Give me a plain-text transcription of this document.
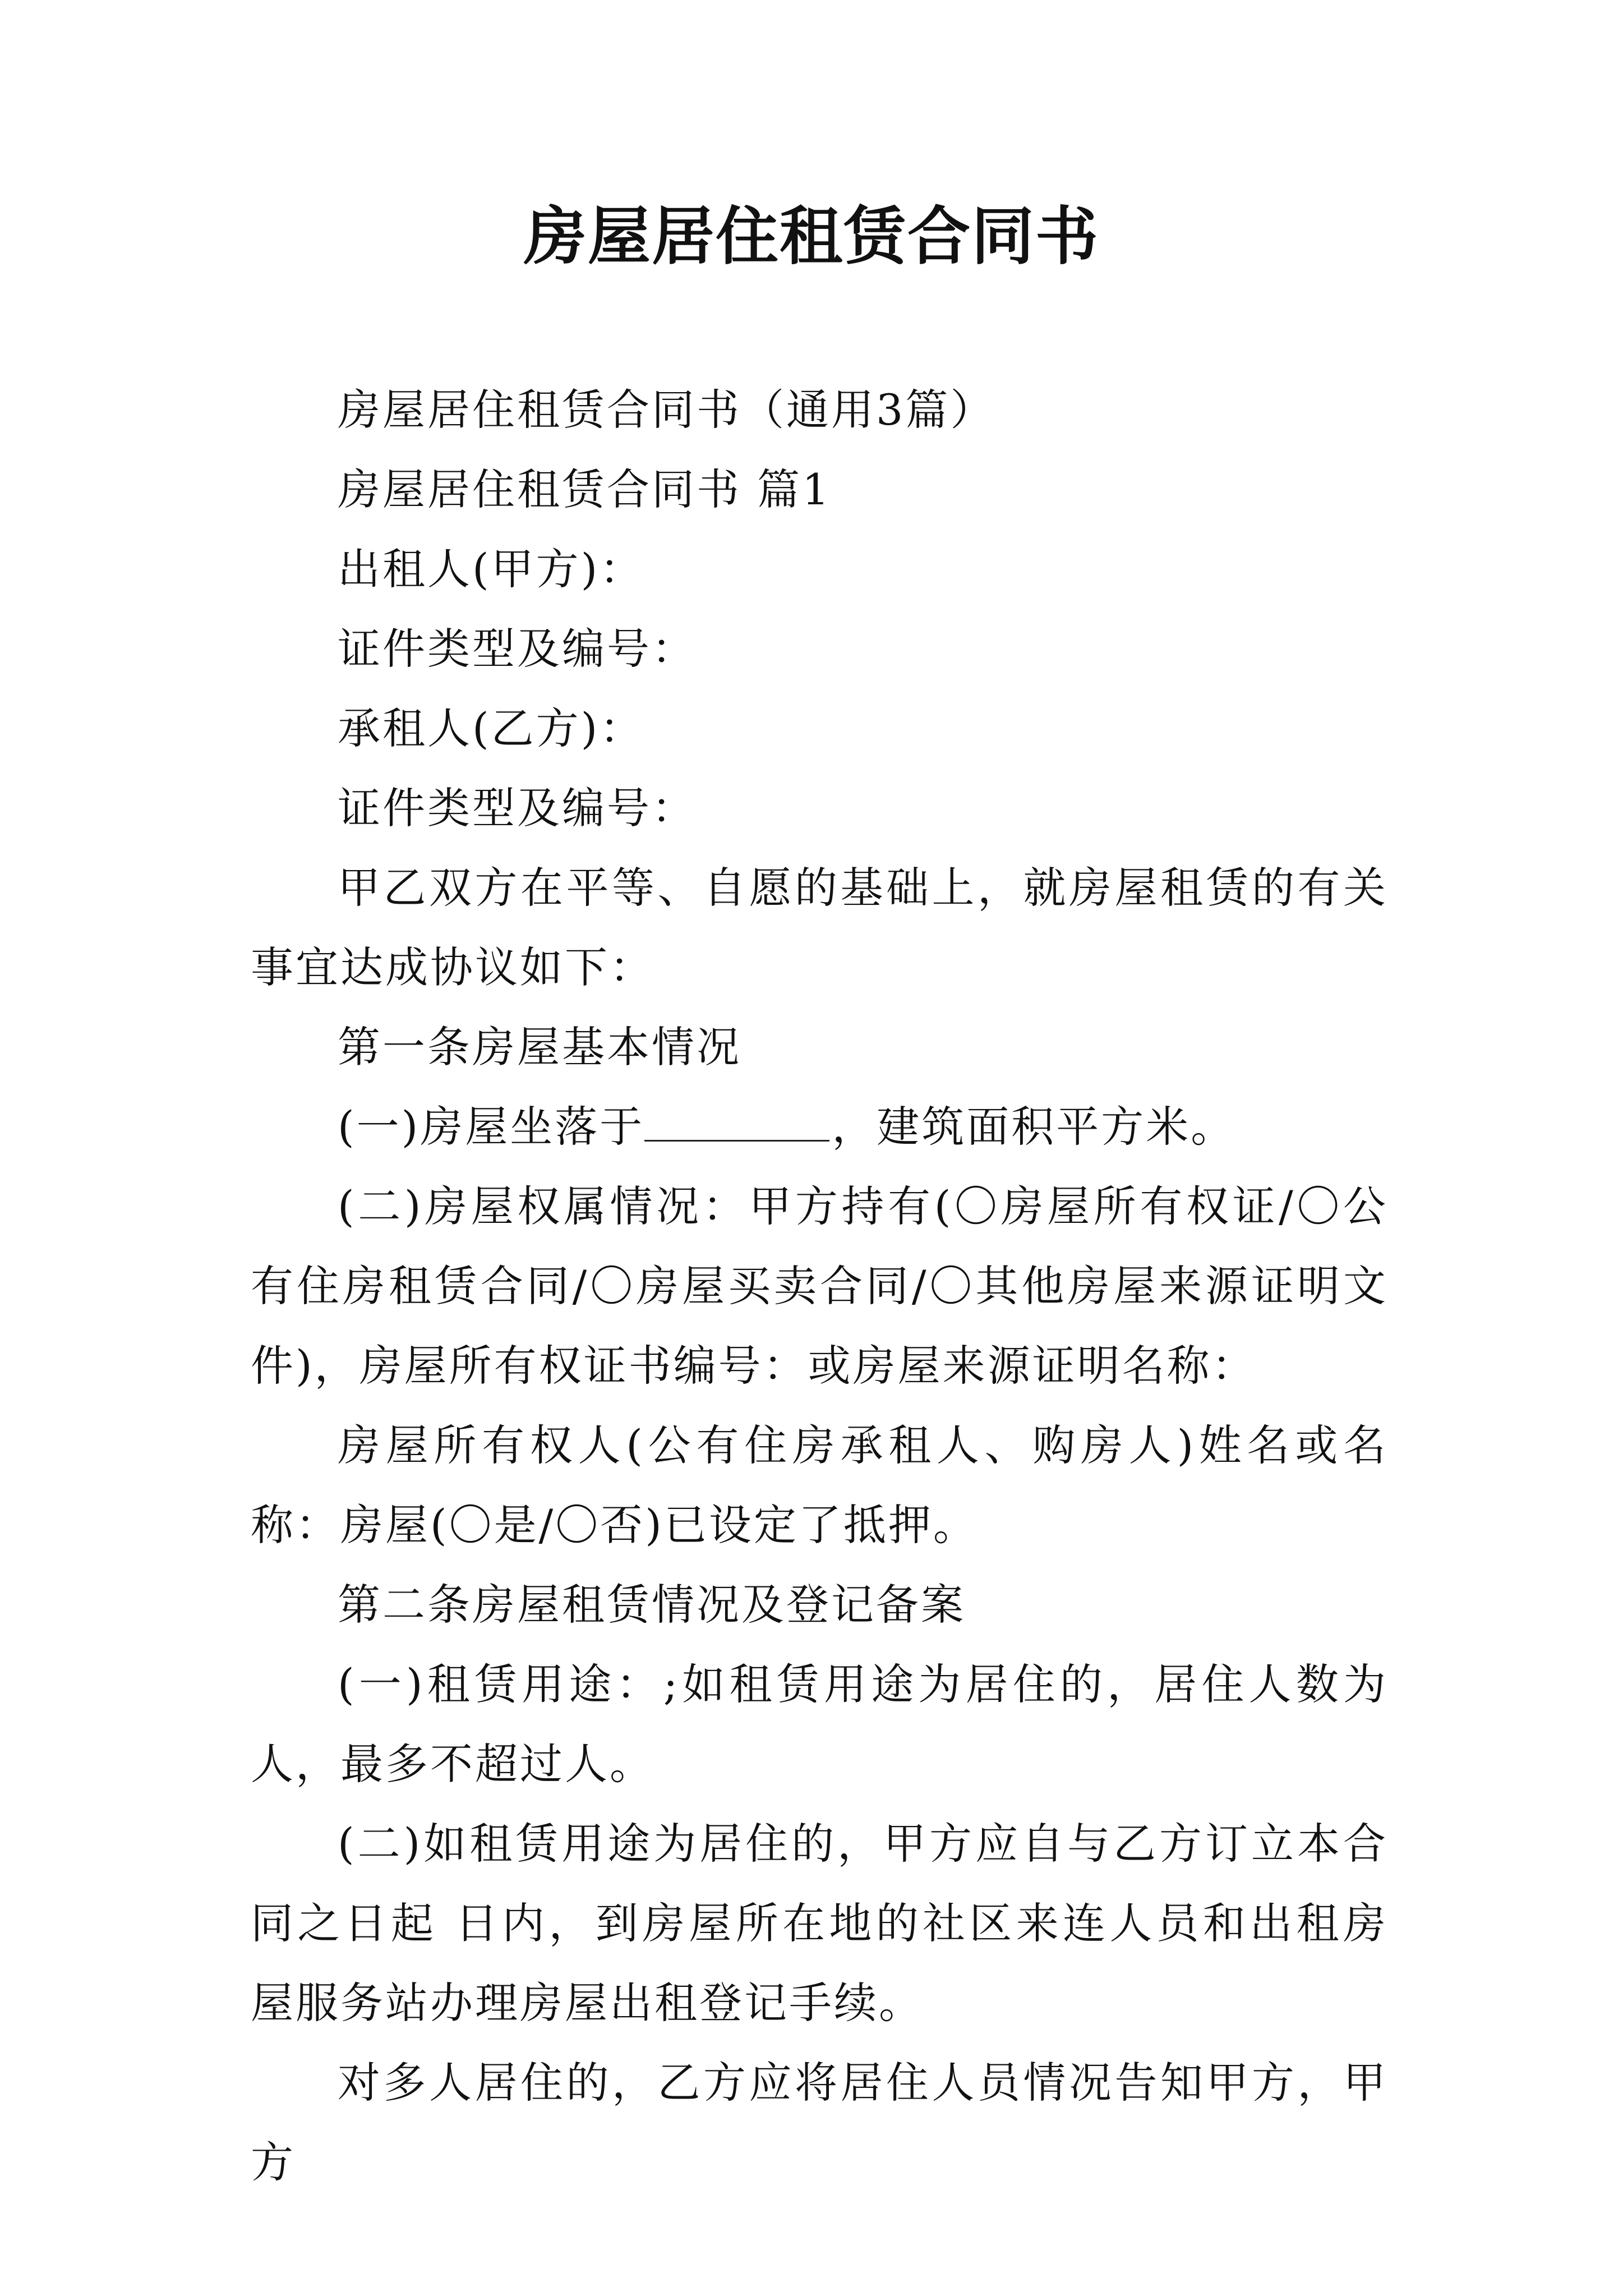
房屋居住租赁合同书

房屋居住租赁合同书（通用3篇）

房屋居住租赁合同书 篇1

出租人(甲方)：

证件类型及编号：

承租人(乙方)：

证件类型及编号：

甲乙双方在平等、自愿的基础上，就房屋租赁的有关事宜达成协议如下：

第一条房屋基本情况

(一)房屋坐落于	，建筑面积平方米。

(二)房屋权属情况：甲方持有(〇房屋所有权证/〇公有住房租赁合同/〇房屋买卖合同/〇其他房屋来源证明文件)，房屋所有权证书编号：或房屋来源证明名称：

房屋所有权人(公有住房承租人、购房人)姓名或名称：房屋(〇是/〇否)已设定了抵押。

第二条房屋租赁情况及登记备案

(一)租赁用途：;如租赁用途为居住的，居住人数为人，最多不超过人。

(二)如租赁用途为居住的，甲方应自与乙方订立本合同之日起 日内，到房屋所在地的社区来连人员和出租房屋服务站办理房屋出租登记手续。

对多人居住的，乙方应将居住人员情况告知甲方，甲方
